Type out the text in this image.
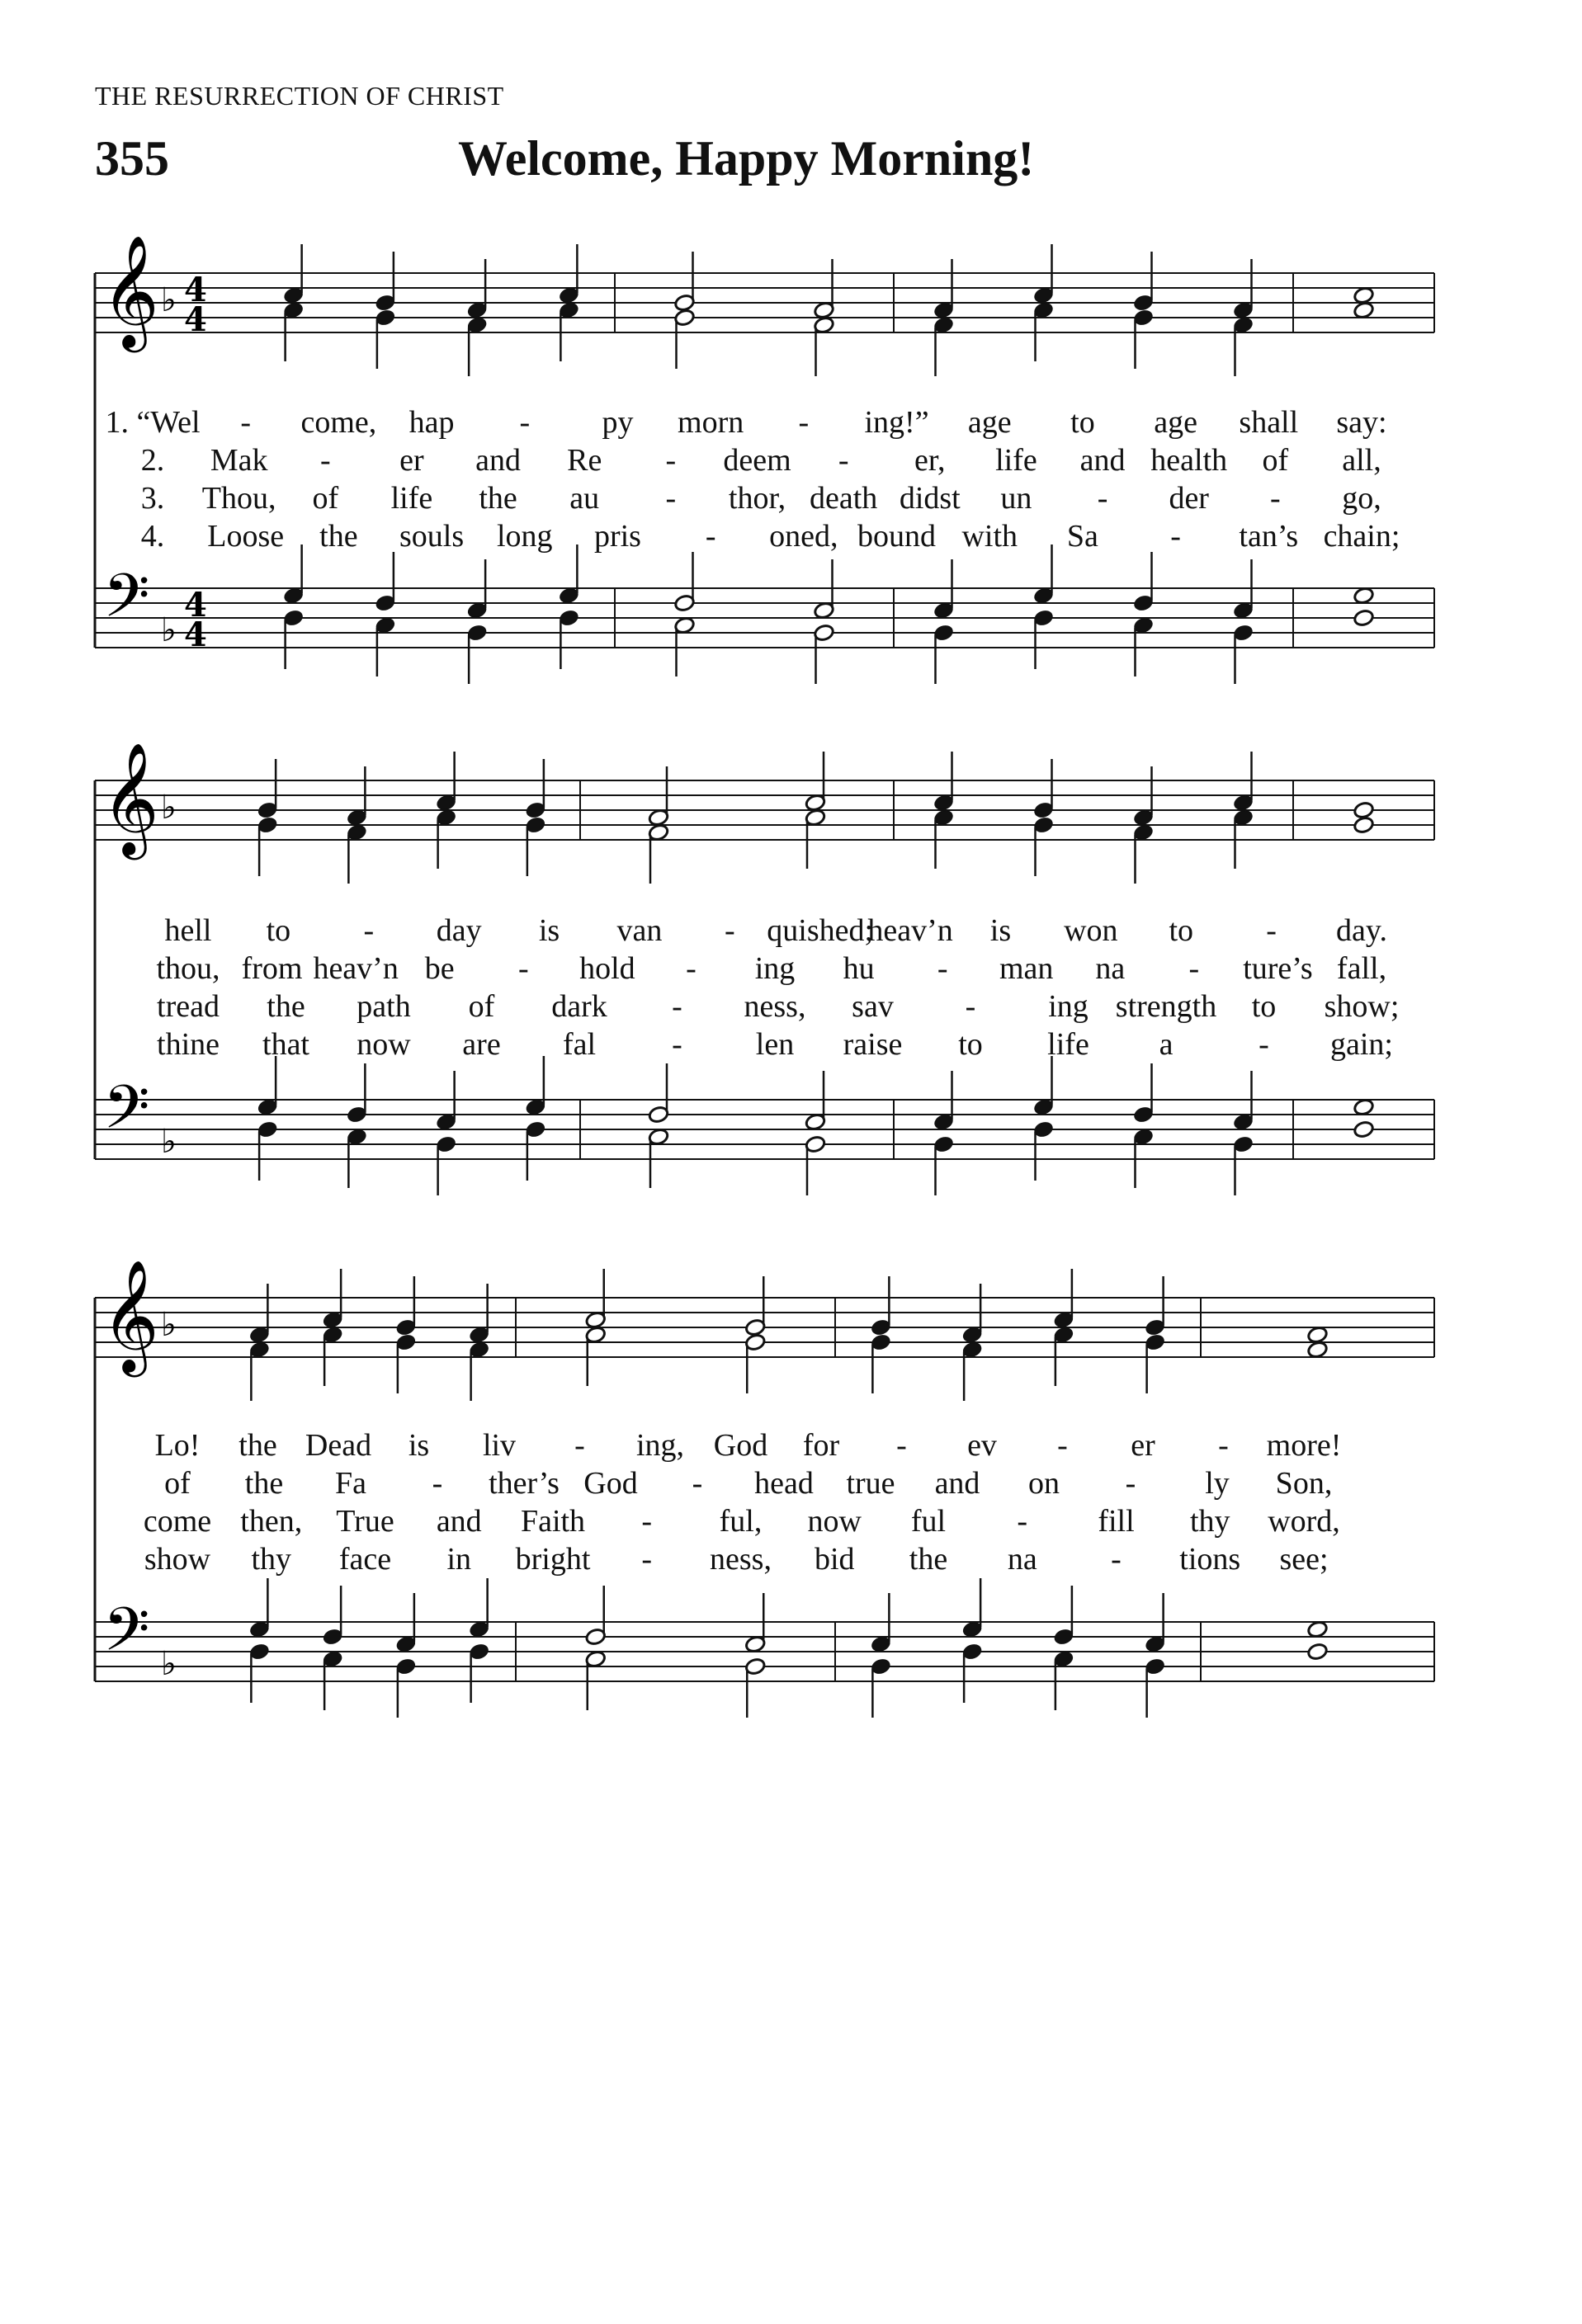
THE RESURRECTION OF CHRIST
355	Welcome, Happy Morning!
𝄞
𝄢
♭
♭
4
4
4
4
𝄞
𝄢
♭
♭
𝄞
𝄢
♭
♭
1. “Wel - come, hap - py morn - ing!” age to age shall say:
2. Mak - er and Re - deem - er, life and health of all,
3. Thou, of life the au - thor, death didst un - der - go,
4. Loose the souls long pris - oned, bound with Sa - tan’s chain;
hell to - day is van - quished;
heav’n is won to - day.
thou, from heav’n be - hold - ing hu - man na - ture’s fall,
tread the path of dark - ness, sav - ing strength to show;
thine that now are fal - len raise to life a	- gain;
Lo! the Dead is liv - ing, God for - ev - er - more!
of the Fa - ther’s God - head true and on - ly Son,
come then, True and Faith - ful, now ful - fill thy word,
show thy face in bright - ness, bid the na - tions see;
